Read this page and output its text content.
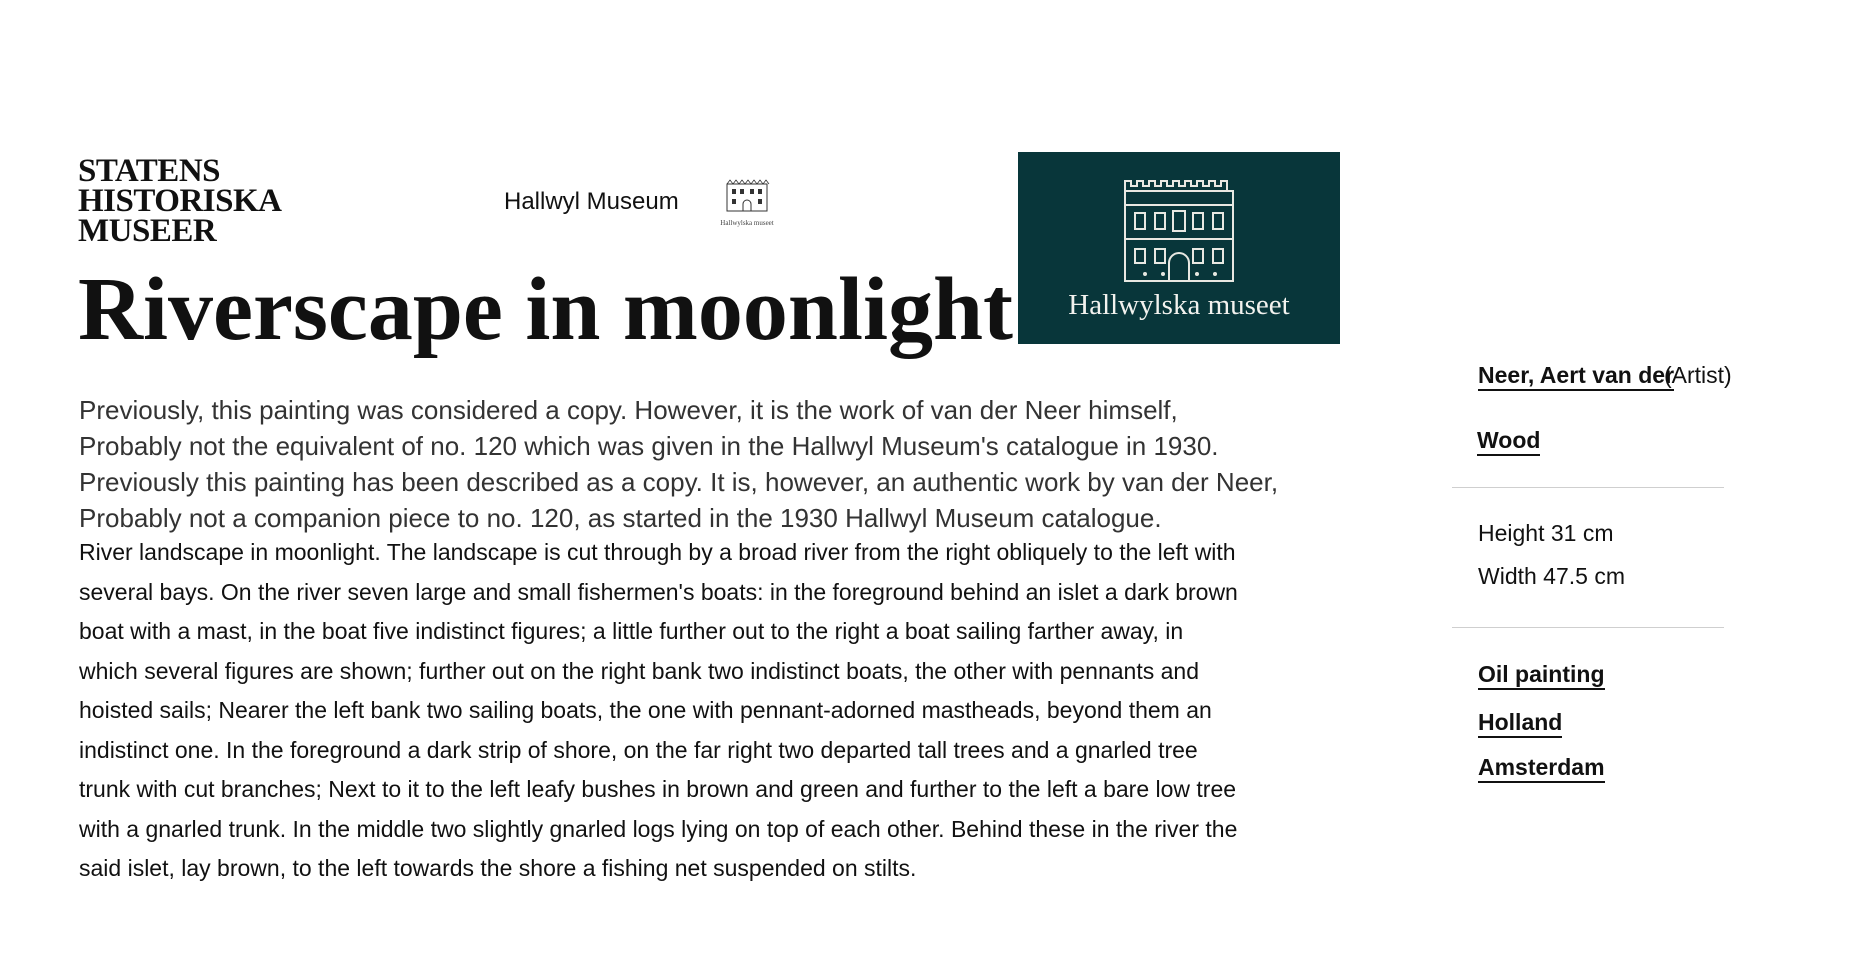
STATENS
HISTORISKA
MUSEER
Hallwyl Museum
Hallwylska museet
Hallwylska museet
Riverscape in moonlight
Previously, this painting was considered a copy. However, it is the work of van der Neer himself,
Probably not the equivalent of no. 120 which was given in the Hallwyl Museum's catalogue in 1930.
Previously this painting has been described as a copy. It is, however, an authentic work by van der Neer,
Probably not a companion piece to no. 120, as started in the 1930 Hallwyl Museum catalogue.
River landscape in moonlight. The landscape is cut through by a broad river from the right obliquely to the left with
several bays. On the river seven large and small fishermen's boats: in the foreground behind an islet a dark brown
boat with a mast, in the boat five indistinct figures; a little further out to the right a boat sailing farther away, in
which several figures are shown; further out on the right bank two indistinct boats, the other with pennants and
hoisted sails; Nearer the left bank two sailing boats, the one with pennant-adorned mastheads, beyond them an
indistinct one. In the foreground a dark strip of shore, on the far right two departed tall trees and a gnarled tree
trunk with cut branches; Next to it to the left leafy bushes in brown and green and further to the left a bare low tree
with a gnarled trunk. In the middle two slightly gnarled logs lying on top of each other. Behind these in the river the
said islet, lay brown, to the left towards the shore a fishing net suspended on stilts.
Neer, Aert van der
(Artist)
Wood
Height 31 cm
Width 47.5 cm
Oil painting
Holland
Amsterdam
